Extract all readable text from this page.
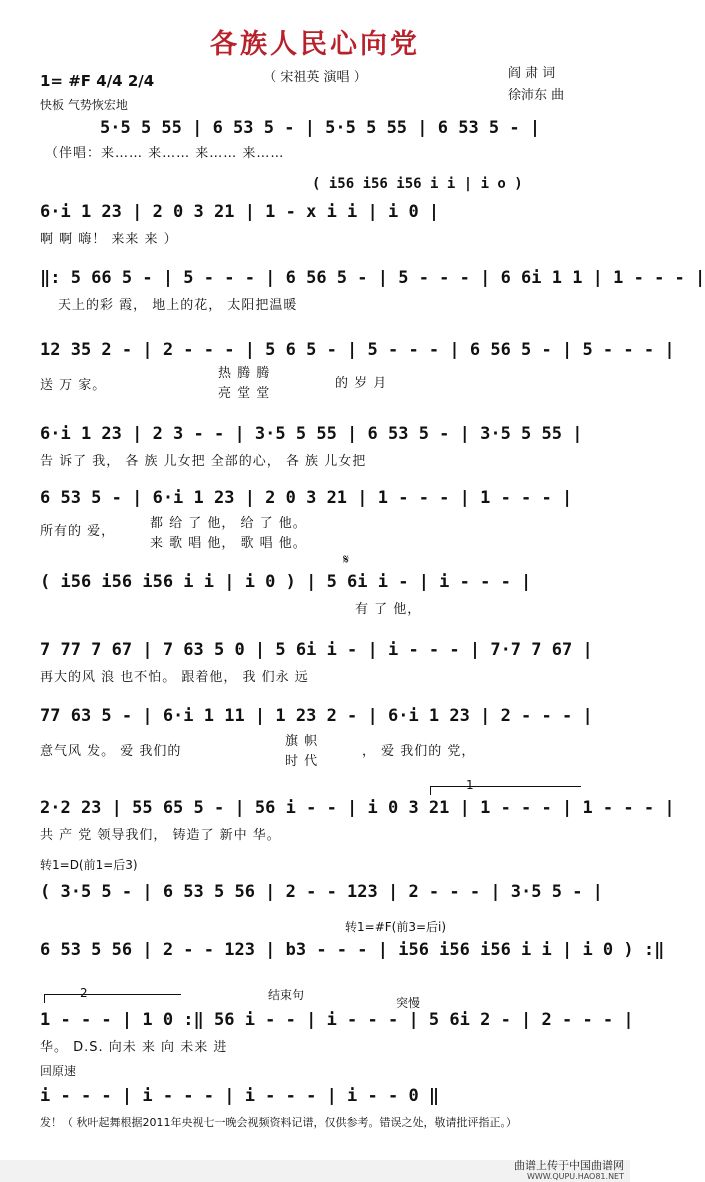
各族人民心向党
（ 宋祖英 演唱 ）	阎 肃 词
徐沛东 曲
1= #F 4/4 2/4
快板 气势恢宏地
5·5 5 55 | 6 53 5 - | 5·5 5 55 | 6 53 5 - |
（伴唱：来…… 来…… 来…… 来……
( i56 i56 i56 i i | i o )
6·i 1 23 | 2 0 3 21 | 1 - x i i | i 0 |
啊 啊 嗨！ 来来 来 ）
‖: 5 66 5 - | 5 - - - | 6 56 5 - | 5 - - - | 6 6i 1 1 | 1 - - - |
天上的彩 霞， 地上的花， 太阳把温暖
12 35 2 - | 2 - - - | 5 6 5 - | 5 - - - | 6 56 5 - | 5 - - - |
送 万 家。
热 腾 腾
亮 堂 堂
的 岁 月
6·i 1 23 | 2 3 - - | 3·5 5 55 | 6 53 5 - | 3·5 5 55 |
告 诉了 我， 各 族 儿女把 全部的心， 各 族 儿女把
6 53 5 - | 6·i 1 23 | 2 0 3 21 | 1 - - - | 1 - - - |
所有的 爱，
都 给 了 他， 给 了 他。
来 歌 唱 他， 歌 唱 他。
𝄋
( i56 i56 i56 i i | i 0 ) | 5 6i i - | i - - - |
有 了 他，
7 77 7 67 | 7 63 5 0 | 5 6i i - | i - - - | 7·7 7 67 |
再大的风 浪 也不怕。 跟着他， 我 们永 远
77 63 5 - | 6·i 1 11 | 1 23 2 - | 6·i 1 23 | 2 - - - |
意气风 发。 爱 我们的
旗 帜
时 代
， 爱 我们的 党，
1
2·2 23 | 55 65 5 - | 56 i - - | i 0 3 21 | 1 - - - | 1 - - - |
共 产 党 领导我们， 铸造了 新中 华。
转1=D(前1=后3)
( 3·5 5 - | 6 53 5 56 | 2 - - 123 | 2 - - - | 3·5 5 - |
转1=#F(前3=后i)
6 53 5 56 | 2 - - 123 | b3 - - - | i56 i56 i56 i i | i 0 ) :‖
2	结束句
突慢
1 - - - | 1 0 :‖ 56 i - - | i - - - | 5 6i 2 - | 2 - - - |
华。 D.S. 向未 来 向 未来 进
回原速
i - - - | i - - - | i - - - | i - - 0 ‖
发！（ 秋叶起舞根据2011年央视七一晚会视频资料记谱，仅供参考。错误之处，敬请批评指正。）
曲谱上传于中国曲谱网
WWW.QUPU.HAO81.NET
